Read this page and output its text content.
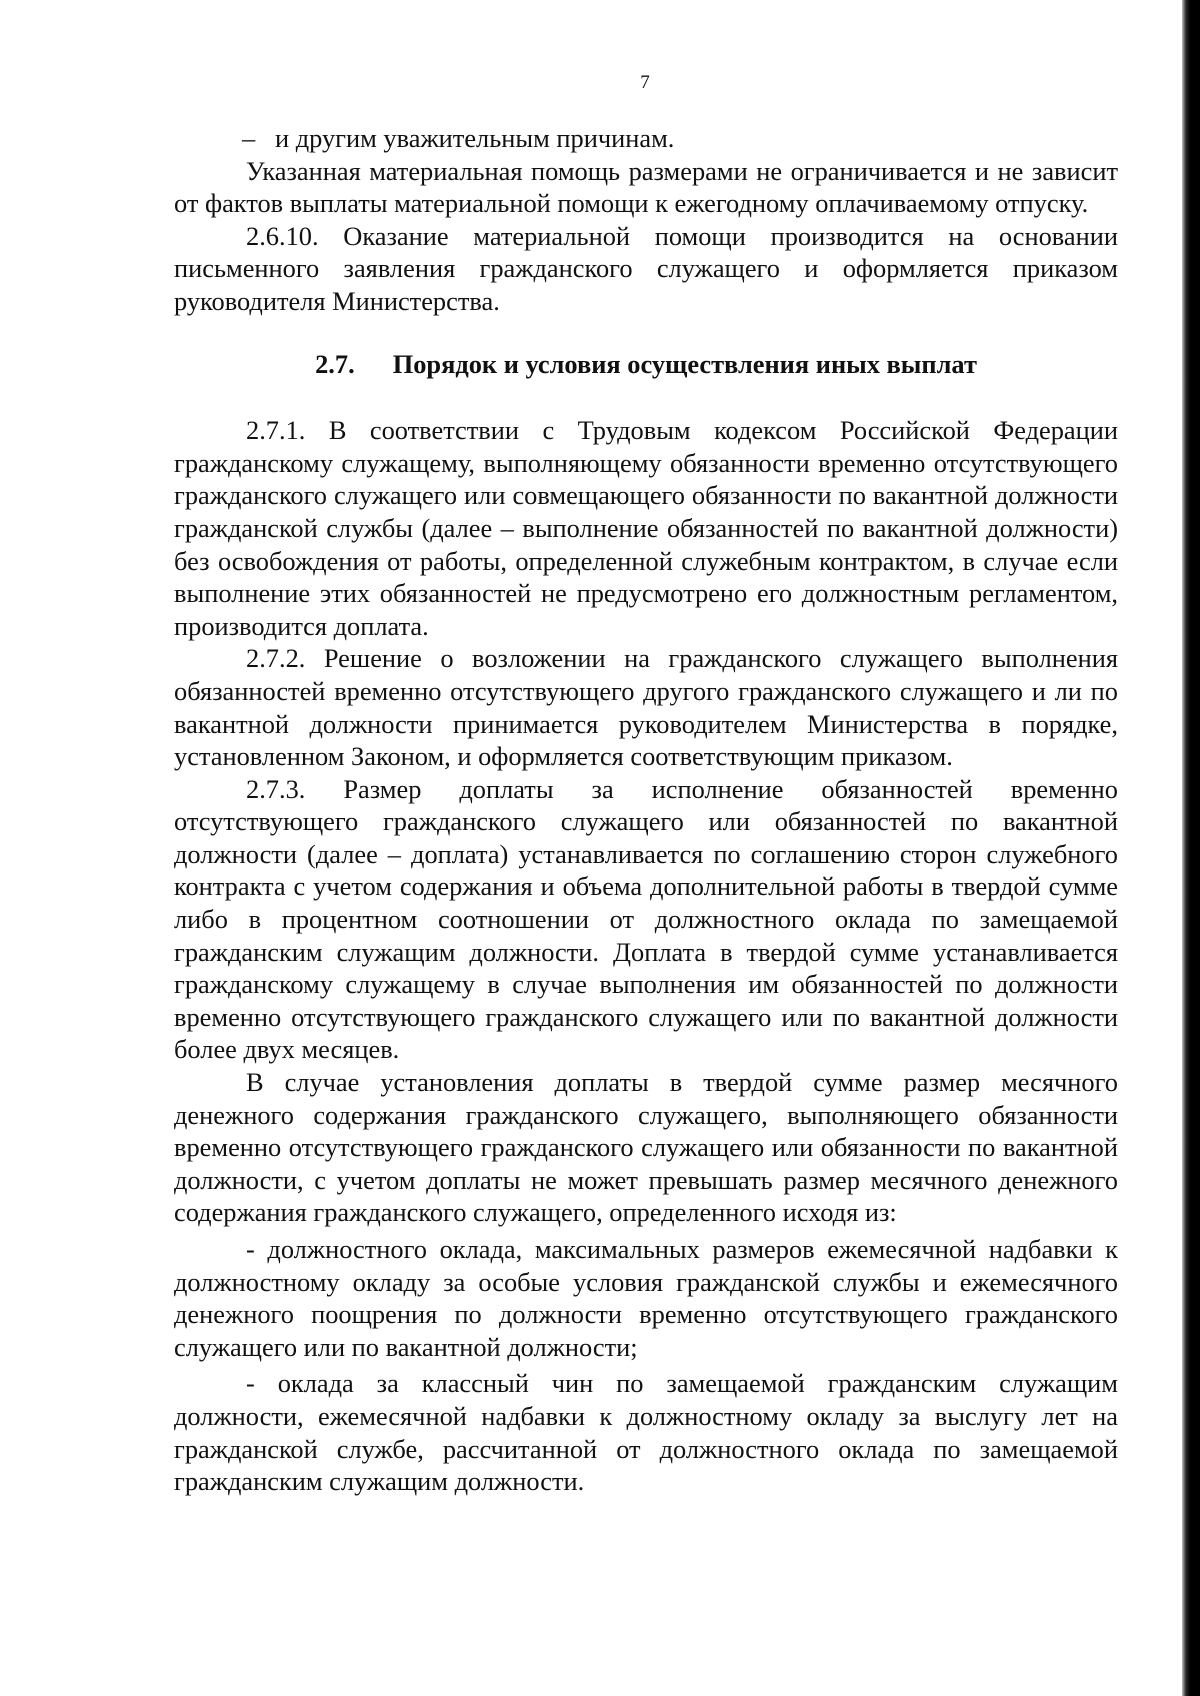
7

–  и другим уважительным причинам.

Указанная материальная помощь размерами не ограничивается и не зависит от фактов выплаты материальной помощи к ежегодному оплачиваемому отпуску.

2.6.10. Оказание материальной помощи производится на основании письменного заявления гражданского служащего и оформляется приказом руководителя Министерства.

2.7. Порядок и условия осуществления иных выплат

2.7.1. В соответствии с Трудовым кодексом Российской Федерации гражданскому служащему, выполняющему обязанности временно отсутствующего гражданского служащего или совмещающего обязанности по вакантной должности гражданской службы (далее – выполнение обязанностей по вакантной должности) без освобождения от работы, определенной служебным контрактом, в случае если выполнение этих обязанностей не предусмотрено его должностным регламентом, производится доплата.

2.7.2. Решение о возложении на гражданского служащего выполнения обязанностей временно отсутствующего другого гражданского служащего и ли по вакантной должности принимается руководителем Министерства в порядке, установленном Законом, и оформляется соответствующим приказом.

2.7.3. Размер доплаты за исполнение обязанностей временно отсутствующего гражданского служащего или обязанностей по вакантной должности (далее – доплата) устанавливается по соглашению сторон служебного контракта с учетом содержания и объема дополнительной работы в твердой сумме либо в процентном соотношении от должностного оклада по замещаемой гражданским служащим должности. Доплата в твердой сумме устанавливается гражданскому служащему в случае выполнения им обязанностей по должности временно отсутствующего гражданского служащего или по вакантной должности более двух месяцев.

В случае установления доплаты в твердой сумме размер месячного денежного содержания гражданского служащего, выполняющего обязанности временно отсутствующего гражданского служащего или обязанности по вакантной должности, с учетом доплаты не может превышать размер месячного денежного содержания гражданского служащего, определенного исходя из:

- должностного оклада, максимальных размеров ежемесячной надбавки к должностному окладу за особые условия гражданской службы и ежемесячного денежного поощрения по должности временно отсутствующего гражданского служащего или по вакантной должности;

- оклада за классный чин по замещаемой гражданским служащим должности, ежемесячной надбавки к должностному окладу за выслугу лет на гражданской службе, рассчитанной от должностного оклада по замещаемой гражданским служащим должности.
